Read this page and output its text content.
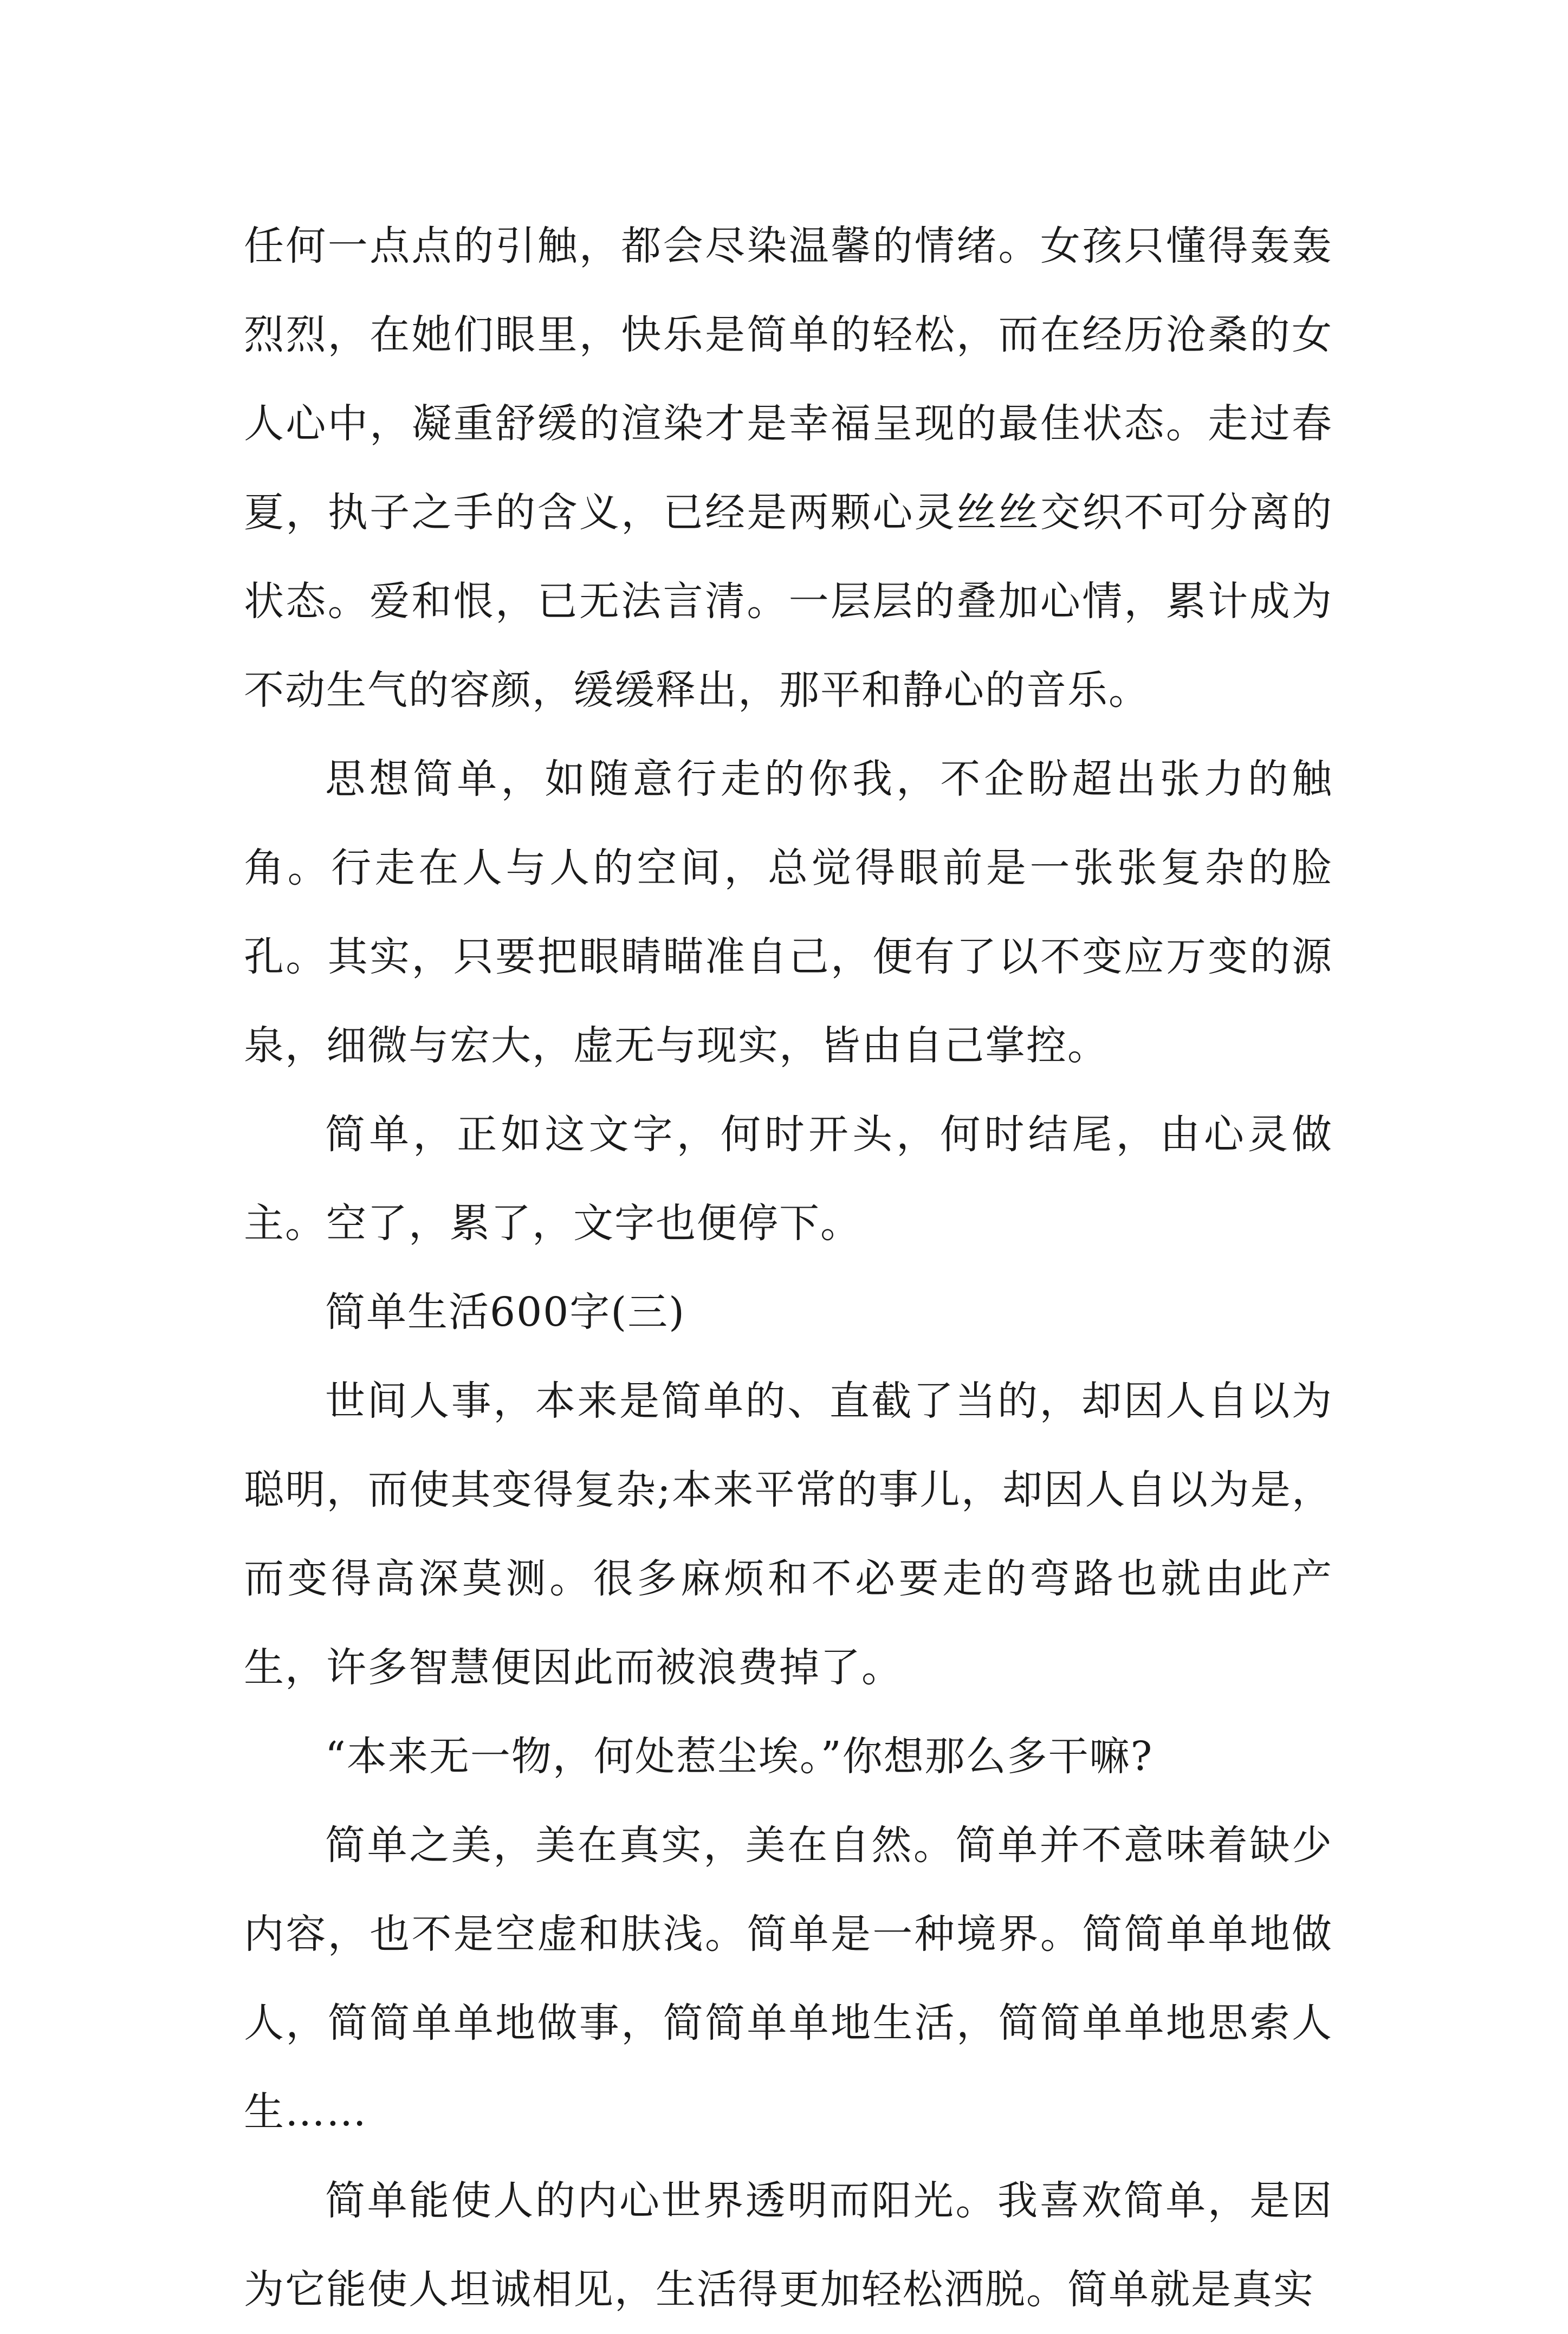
任何一点点的引触，都会尽染温馨的情绪。女孩只懂得轰轰烈烈，在她们眼里，快乐是简单的轻松，而在经历沧桑的女人心中，凝重舒缓的渲染才是幸福呈现的最佳状态。走过春夏，执子之手的含义，已经是两颗心灵丝丝交织不可分离的状态。爱和恨，已无法言清。一层层的叠加心情，累计成为不动生气的容颜，缓缓释出，那平和静心的音乐。

思想简单，如随意行走的你我，不企盼超出张力的触角。行走在人与人的空间，总觉得眼前是一张张复杂的脸孔。其实，只要把眼睛瞄准自己，便有了以不变应万变的源泉，细微与宏大，虚无与现实，皆由自己掌控。

简单，正如这文字，何时开头，何时结尾，由心灵做主。空了，累了，文字也便停下。

简单生活600字(三)

世间人事，本来是简单的、直截了当的，却因人自以为聪明，而使其变得复杂;本来平常的事儿，却因人自以为是，而变得高深莫测。很多麻烦和不必要走的弯路也就由此产生，许多智慧便因此而被浪费掉了。

“本来无一物，何处惹尘埃。”你想那么多干嘛?

简单之美，美在真实，美在自然。简单并不意味着缺少内容，也不是空虚和肤浅。简单是一种境界。简简单单地做人，简简单单地做事，简简单单地生活，简简单单地思索人生……

简单能使人的内心世界透明而阳光。我喜欢简单，是因为它能使人坦诚相见，生活得更加轻松洒脱。简单就是真实
